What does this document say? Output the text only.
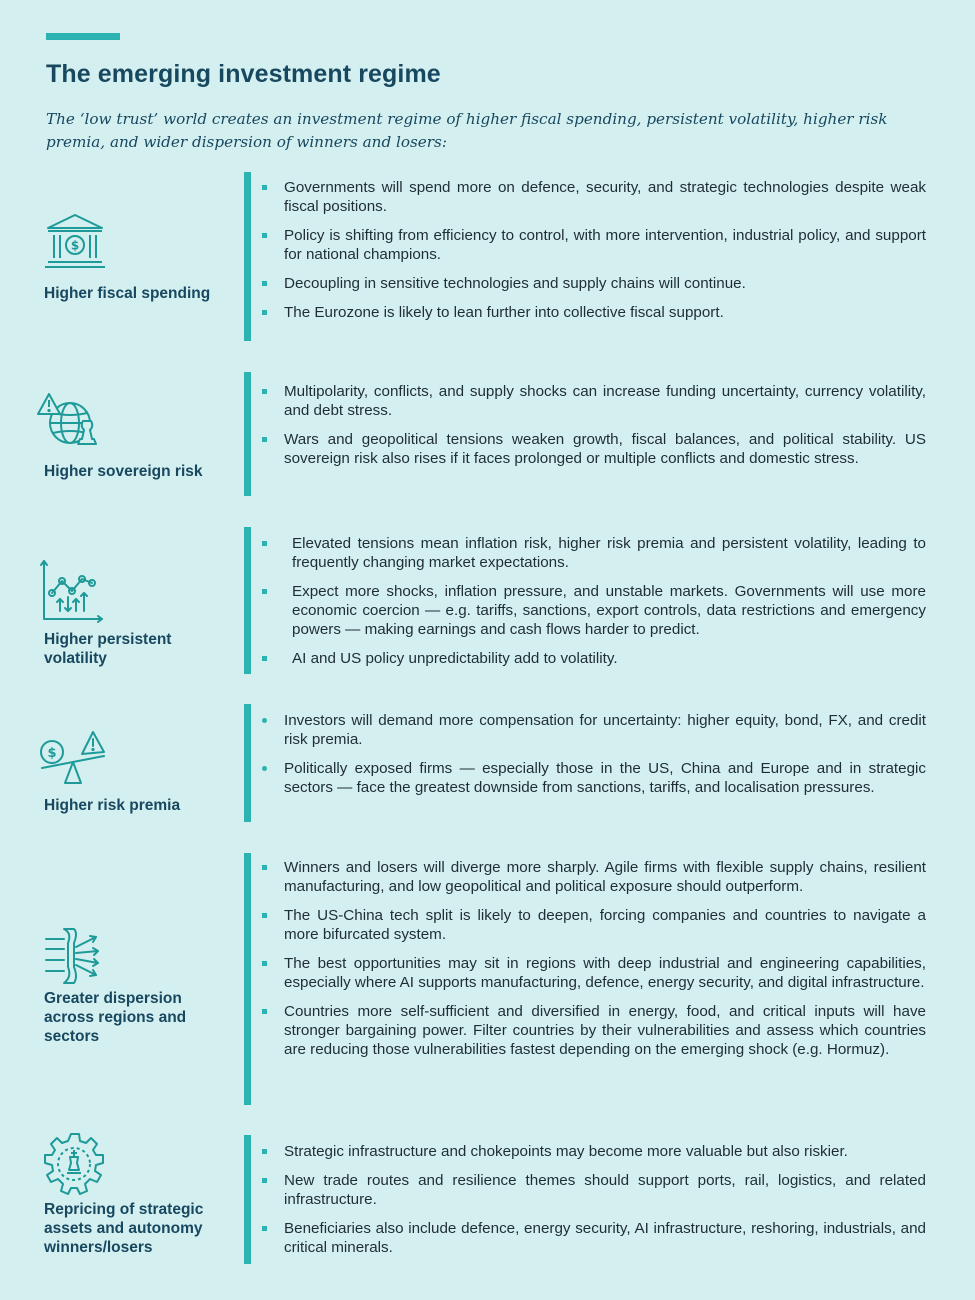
The emerging investment regime

The ‘low trust’ world creates an investment regime of higher fiscal spending, persistent volatility, higher risk premia, and wider dispersion of winners and losers:

$
Higher fiscal spending
Governments will spend more on defence, security, and strategic technologies despite weak fiscal positions.
Policy is shifting from efficiency to control, with more intervention, industrial policy, and support for national champions.
Decoupling in sensitive technologies and supply chains will continue.
The Eurozone is likely to lean further into collective fiscal support.
Higher sovereign risk
Multipolarity, conflicts, and supply shocks can increase funding uncertainty, currency volatility, and debt stress.
Wars and geopolitical tensions weaken growth, fiscal balances, and political stability. US sovereign risk also rises if it faces prolonged or multiple conflicts and domestic stress.
Higher persistent volatility
Elevated tensions mean inflation risk, higher risk premia and persistent volatility, leading to frequently changing market expectations.
Expect more shocks, inflation pressure, and unstable markets. Governments will use more economic coercion — e.g. tariffs, sanctions, export controls, data restrictions and emergency powers — making earnings and cash flows harder to predict.
AI and US policy unpredictability add to volatility.
$
Higher risk premia
Investors will demand more compensation for uncertainty: higher equity, bond, FX, and credit risk premia.
Politically exposed firms — especially those in the US, China and Europe and in strategic sectors — face the greatest downside from sanctions, tariffs, and localisation pressures.
Greater dispersion across regions and sectors
Winners and losers will diverge more sharply. Agile firms with flexible supply chains, resilient manufacturing, and low geopolitical and political exposure should outperform.
The US-China tech split is likely to deepen, forcing companies and countries to navigate a more bifurcated system.
The best opportunities may sit in regions with deep industrial and engineering capabilities, especially where AI supports manufacturing, defence, energy security, and digital infrastructure.
Countries more self-sufficient and diversified in energy, food, and critical inputs will have stronger bargaining power. Filter countries by their vulnerabilities and assess which countries are reducing those vulnerabilities fastest depending on the emerging shock (e.g. Hormuz).
Repricing of strategic assets and autonomy winners/losers
Strategic infrastructure and chokepoints may become more valuable but also riskier.
New trade routes and resilience themes should support ports, rail, logistics, and related infrastructure.
Beneficiaries also include defence, energy security, AI infrastructure, reshoring, industrials, and critical minerals.
